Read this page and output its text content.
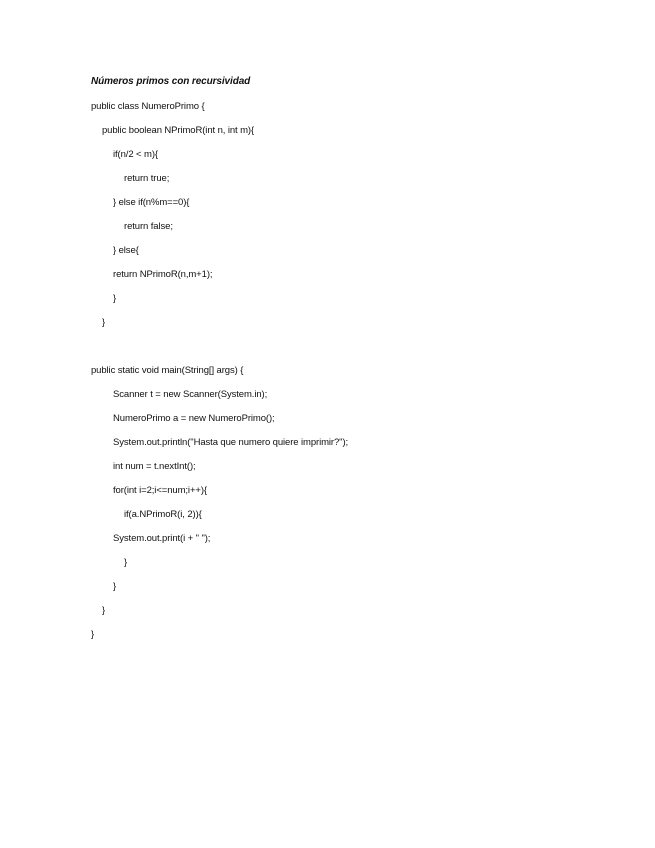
Números primos con recursividad
public class NumeroPrimo {
public boolean NPrimoR(int n, int m){
if(n/2 < m){
return true;
} else if(n%m==0){
return false;
} else{
return NPrimoR(n,m+1);
}
}
public static void main(String[] args) {
Scanner t = new Scanner(System.in);
NumeroPrimo a = new NumeroPrimo();
System.out.println("Hasta que numero quiere imprimir?");
int num = t.nextInt();
for(int i=2;i<=num;i++){
if(a.NPrimoR(i, 2)){
System.out.print(i + " ");
}
}
}
}
